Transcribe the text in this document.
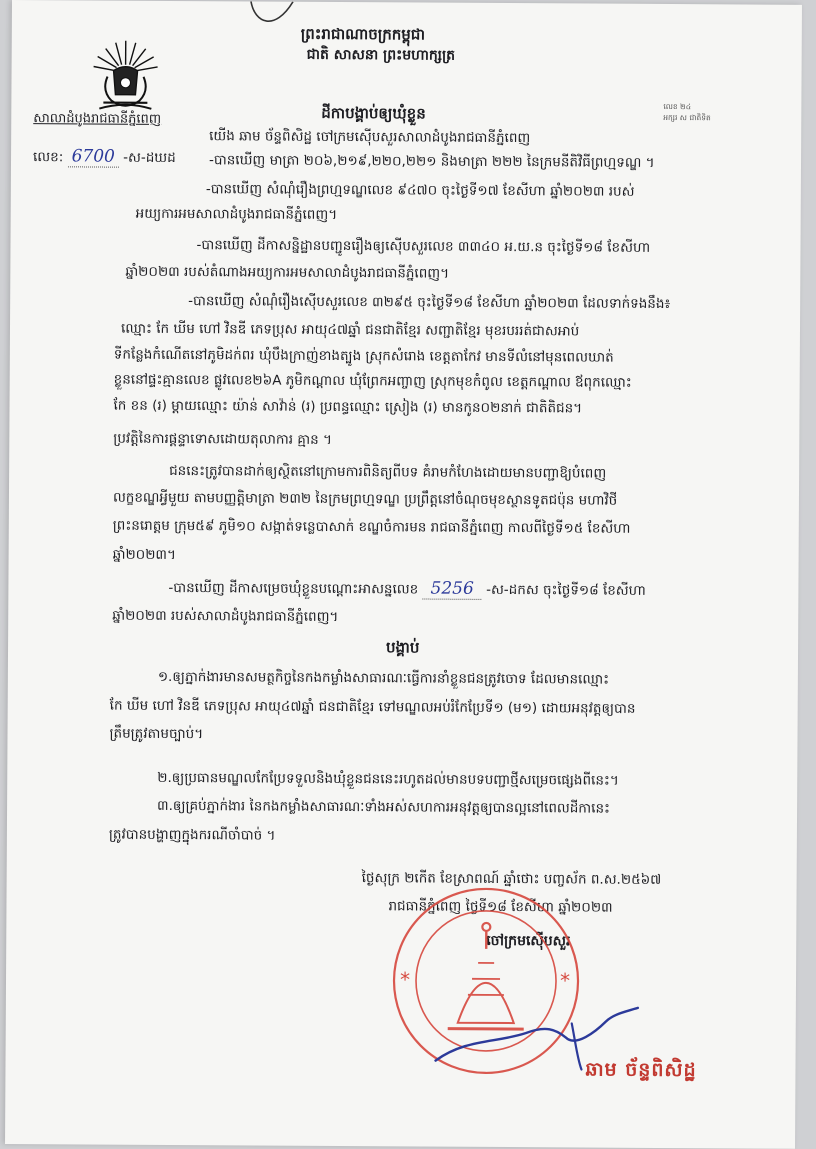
ព្រះរាជាណាចក្រកម្ពុជា
ជាតិ សាសនា ព្រះមហាក្សត្រ
សាលាដំបូងរាជធានីភ្នំពេញ
លេខ: 6700 -ស-ដឃដ
លេខ ២៤
អក្សរ ស ជាតិទិត
ដីកាបង្គាប់ឲ្យឃុំខ្លួន
យើង ឆាម ច័ន្ទពិសិដ្ឋ ចៅក្រមស៊ើបសួរសាលាដំបូងរាជធានីភ្នំពេញ
-បានឃើញ មាត្រា ២០៦,២១៩,២២០,២២១ និងមាត្រា ២២២ នៃក្រមនីតិវិធីព្រហ្មទណ្ឌ ។
-បានឃើញ សំណុំរឿងព្រហ្មទណ្ឌលេខ ៩៤៧០ ចុះថ្ងៃទី១៧ ខែសីហា ឆ្នាំ២០២៣ របស់
អយ្យការអមសាលាដំបូងរាជធានីភ្នំពេញ។
-បានឃើញ ដីកាសន្និដ្ឋានបញ្ជូនរឿងឲ្យស៊ើបសួរលេខ ៣៣៤០ អ.យ.ន ចុះថ្ងៃទី១៨ ខែសីហា
ឆ្នាំ២០២៣ របស់តំណាងអយ្យការអមសាលាដំបូងរាជធានីភ្នំពេញ។
-បានឃើញ សំណុំរឿងស៊ើបសួរលេខ ៣២៩៥ ចុះថ្ងៃទី១៨ ខែសីហា ឆ្នាំ២០២៣ ដែលទាក់ទងនឹង៖
ឈ្មោះ កែ ឃីម ហៅ វិនឌី ភេទប្រុស អាយុ៤៧ឆ្នាំ ជនជាតិខ្មែរ សញ្ជាតិខ្មែរ មុខរបររត់ជាសអាប់
ទីកន្លែងកំណើតនៅភូមិដក់ពរ ឃុំបឹងក្រាញ់ខាងត្បូង ស្រុកសំរោង ខេត្តតាកែវ មានទីលំនៅមុនពេលឃាត់
ខ្លួននៅផ្ទះគ្មានលេខ ផ្លូវលេខ២៦A ភូមិកណ្តាល ឃុំព្រែកអញ្ចាញ ស្រុកមុខកំពូល ខេត្តកណ្តាល ឪពុកឈ្មោះ
កែ ខន (រ) ម្តាយឈ្មោះ យ៉ាន់ សាវ៉ាន់ (រ) ប្រពន្ធឈ្មោះ ស្រៀង (រ) មានកូន០២នាក់ ជាតិតិជន។
ប្រវត្តិនៃការផ្តន្ទាទោសដោយតុលាការ គ្មាន ។
ជននេះត្រូវបានដាក់ឲ្យស្ថិតនៅក្រោមការពិនិត្យពីបទ គំរាមកំហែងដោយមានបញ្ជាឱ្យបំពេញ
លក្ខខណ្ឌអ្វីមួយ តាមបញ្ញត្តិមាត្រា ២៣២ នៃក្រមព្រហ្មទណ្ឌ ប្រព្រឹត្តនៅចំណុចមុខស្ថានទូតជប៉ុន មហាវិថី
ព្រះនរោត្តម ក្រុម៥៩ ភូមិ១០ សង្កាត់ទន្លេបាសាក់ ខណ្ឌចំការមន រាជធានីភ្នំពេញ កាលពីថ្ងៃទី១៥ ខែសីហា
ឆ្នាំ២០២៣។
-បានឃើញ ដីកាសម្រេចឃុំខ្លួនបណ្តោះអាសន្នលេខ 5256 -ស-ដកស ចុះថ្ងៃទី១៨ ខែសីហា
ឆ្នាំ២០២៣ របស់សាលាដំបូងរាជធានីភ្នំពេញ។
បង្គាប់
១.ឲ្យភ្នាក់ងារមានសមត្ថកិច្ចនៃកងកម្លាំងសាធារណៈធ្វើការនាំខ្លួនជនត្រូវចោទ ដែលមានឈ្មោះ
កែ ឃីម ហៅ វិនឌី ភេទប្រុស អាយុ៤៧ឆ្នាំ ជនជាតិខ្មែរ ទៅមណ្ឌលអប់រំកែប្រែទី១ (ម១) ដោយអនុវត្តឲ្យបាន
ត្រឹមត្រូវតាមច្បាប់។
២.ឲ្យប្រធានមណ្ឌលកែប្រែទទួលនិងឃុំខ្លួនជននេះរហូតដល់មានបទបញ្ជាថ្មីសម្រេចផ្សេងពីនេះ។
៣.ឲ្យគ្រប់ភ្នាក់ងារ នៃកងកម្លាំងសាធារណៈទាំងអស់សហការអនុវត្តឲ្យបានល្អនៅពេលដីកានេះ
ត្រូវបានបង្ហាញក្នុងករណីចាំបាច់ ។
ថ្ងៃសុក្រ ២កើត ខែស្រាពណ៍ ឆ្នាំថោះ បញ្ចស័ក ព.ស.២៥៦៧
រាជធានីភ្នំពេញ ថ្ងៃទី១៨ ខែសីហា ឆ្នាំ២០២៣
ចៅក្រមស៊ើបសួរ
*	*
ឆាម ច័ន្ទពិសិដ្ឋ
